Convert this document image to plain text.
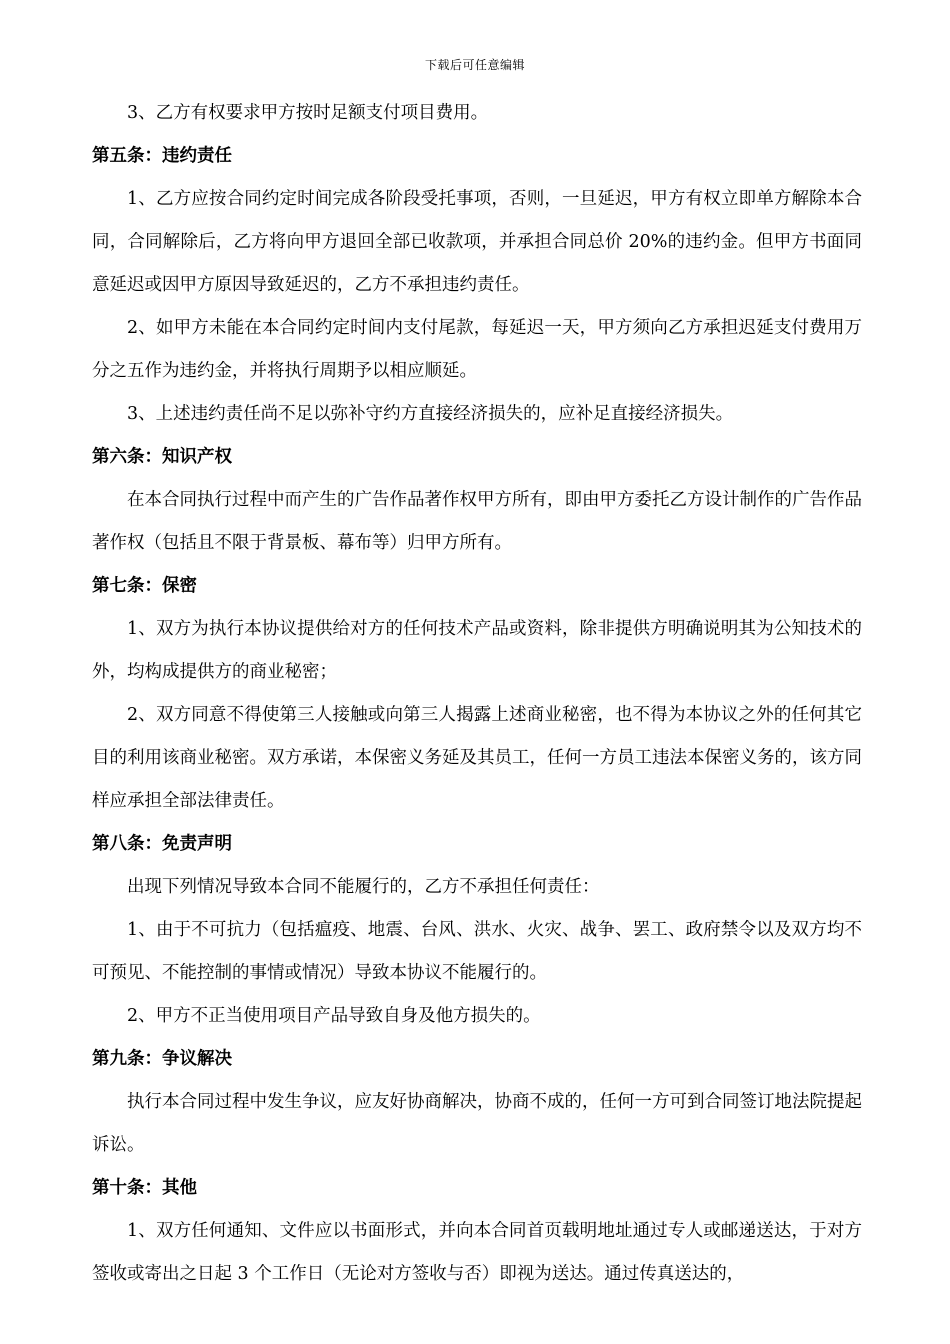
下载后可任意编辑

3、乙方有权要求甲方按时足额支付项目费用。

第五条：违约责任

1、乙方应按合同约定时间完成各阶段受托事项，否则，一旦延迟，甲方有权立即单方解除本合同，合同解除后，乙方将向甲方退回全部已收款项，并承担合同总价 20%的违约金。但甲方书面同意延迟或因甲方原因导致延迟的，乙方不承担违约责任。

2、如甲方未能在本合同约定时间内支付尾款，每延迟一天，甲方须向乙方承担迟延支付费用万分之五作为违约金，并将执行周期予以相应顺延。

3、上述违约责任尚不足以弥补守约方直接经济损失的，应补足直接经济损失。

第六条：知识产权

在本合同执行过程中而产生的广告作品著作权甲方所有，即由甲方委托乙方设计制作的广告作品著作权（包括且不限于背景板、幕布等）归甲方所有。

第七条：保密

1、双方为执行本协议提供给对方的任何技术产品或资料，除非提供方明确说明其为公知技术的外，均构成提供方的商业秘密；

2、双方同意不得使第三人接触或向第三人揭露上述商业秘密，也不得为本协议之外的任何其它目的利用该商业秘密。双方承诺，本保密义务延及其员工，任何一方员工违法本保密义务的，该方同样应承担全部法律责任。

第八条：免责声明

出现下列情况导致本合同不能履行的，乙方不承担任何责任：

1、由于不可抗力（包括瘟疫、地震、台风、洪水、火灾、战争、罢工、政府禁令以及双方均不可预见、不能控制的事情或情况）导致本协议不能履行的。

2、甲方不正当使用项目产品导致自身及他方损失的。

第九条：争议解决

执行本合同过程中发生争议，应友好协商解决，协商不成的，任何一方可到合同签订地法院提起诉讼。

第十条：其他

1、双方任何通知、文件应以书面形式，并向本合同首页载明地址通过专人或邮递送达，于对方签收或寄出之日起 3 个工作日（无论对方签收与否）即视为送达。通过传真送达的，
